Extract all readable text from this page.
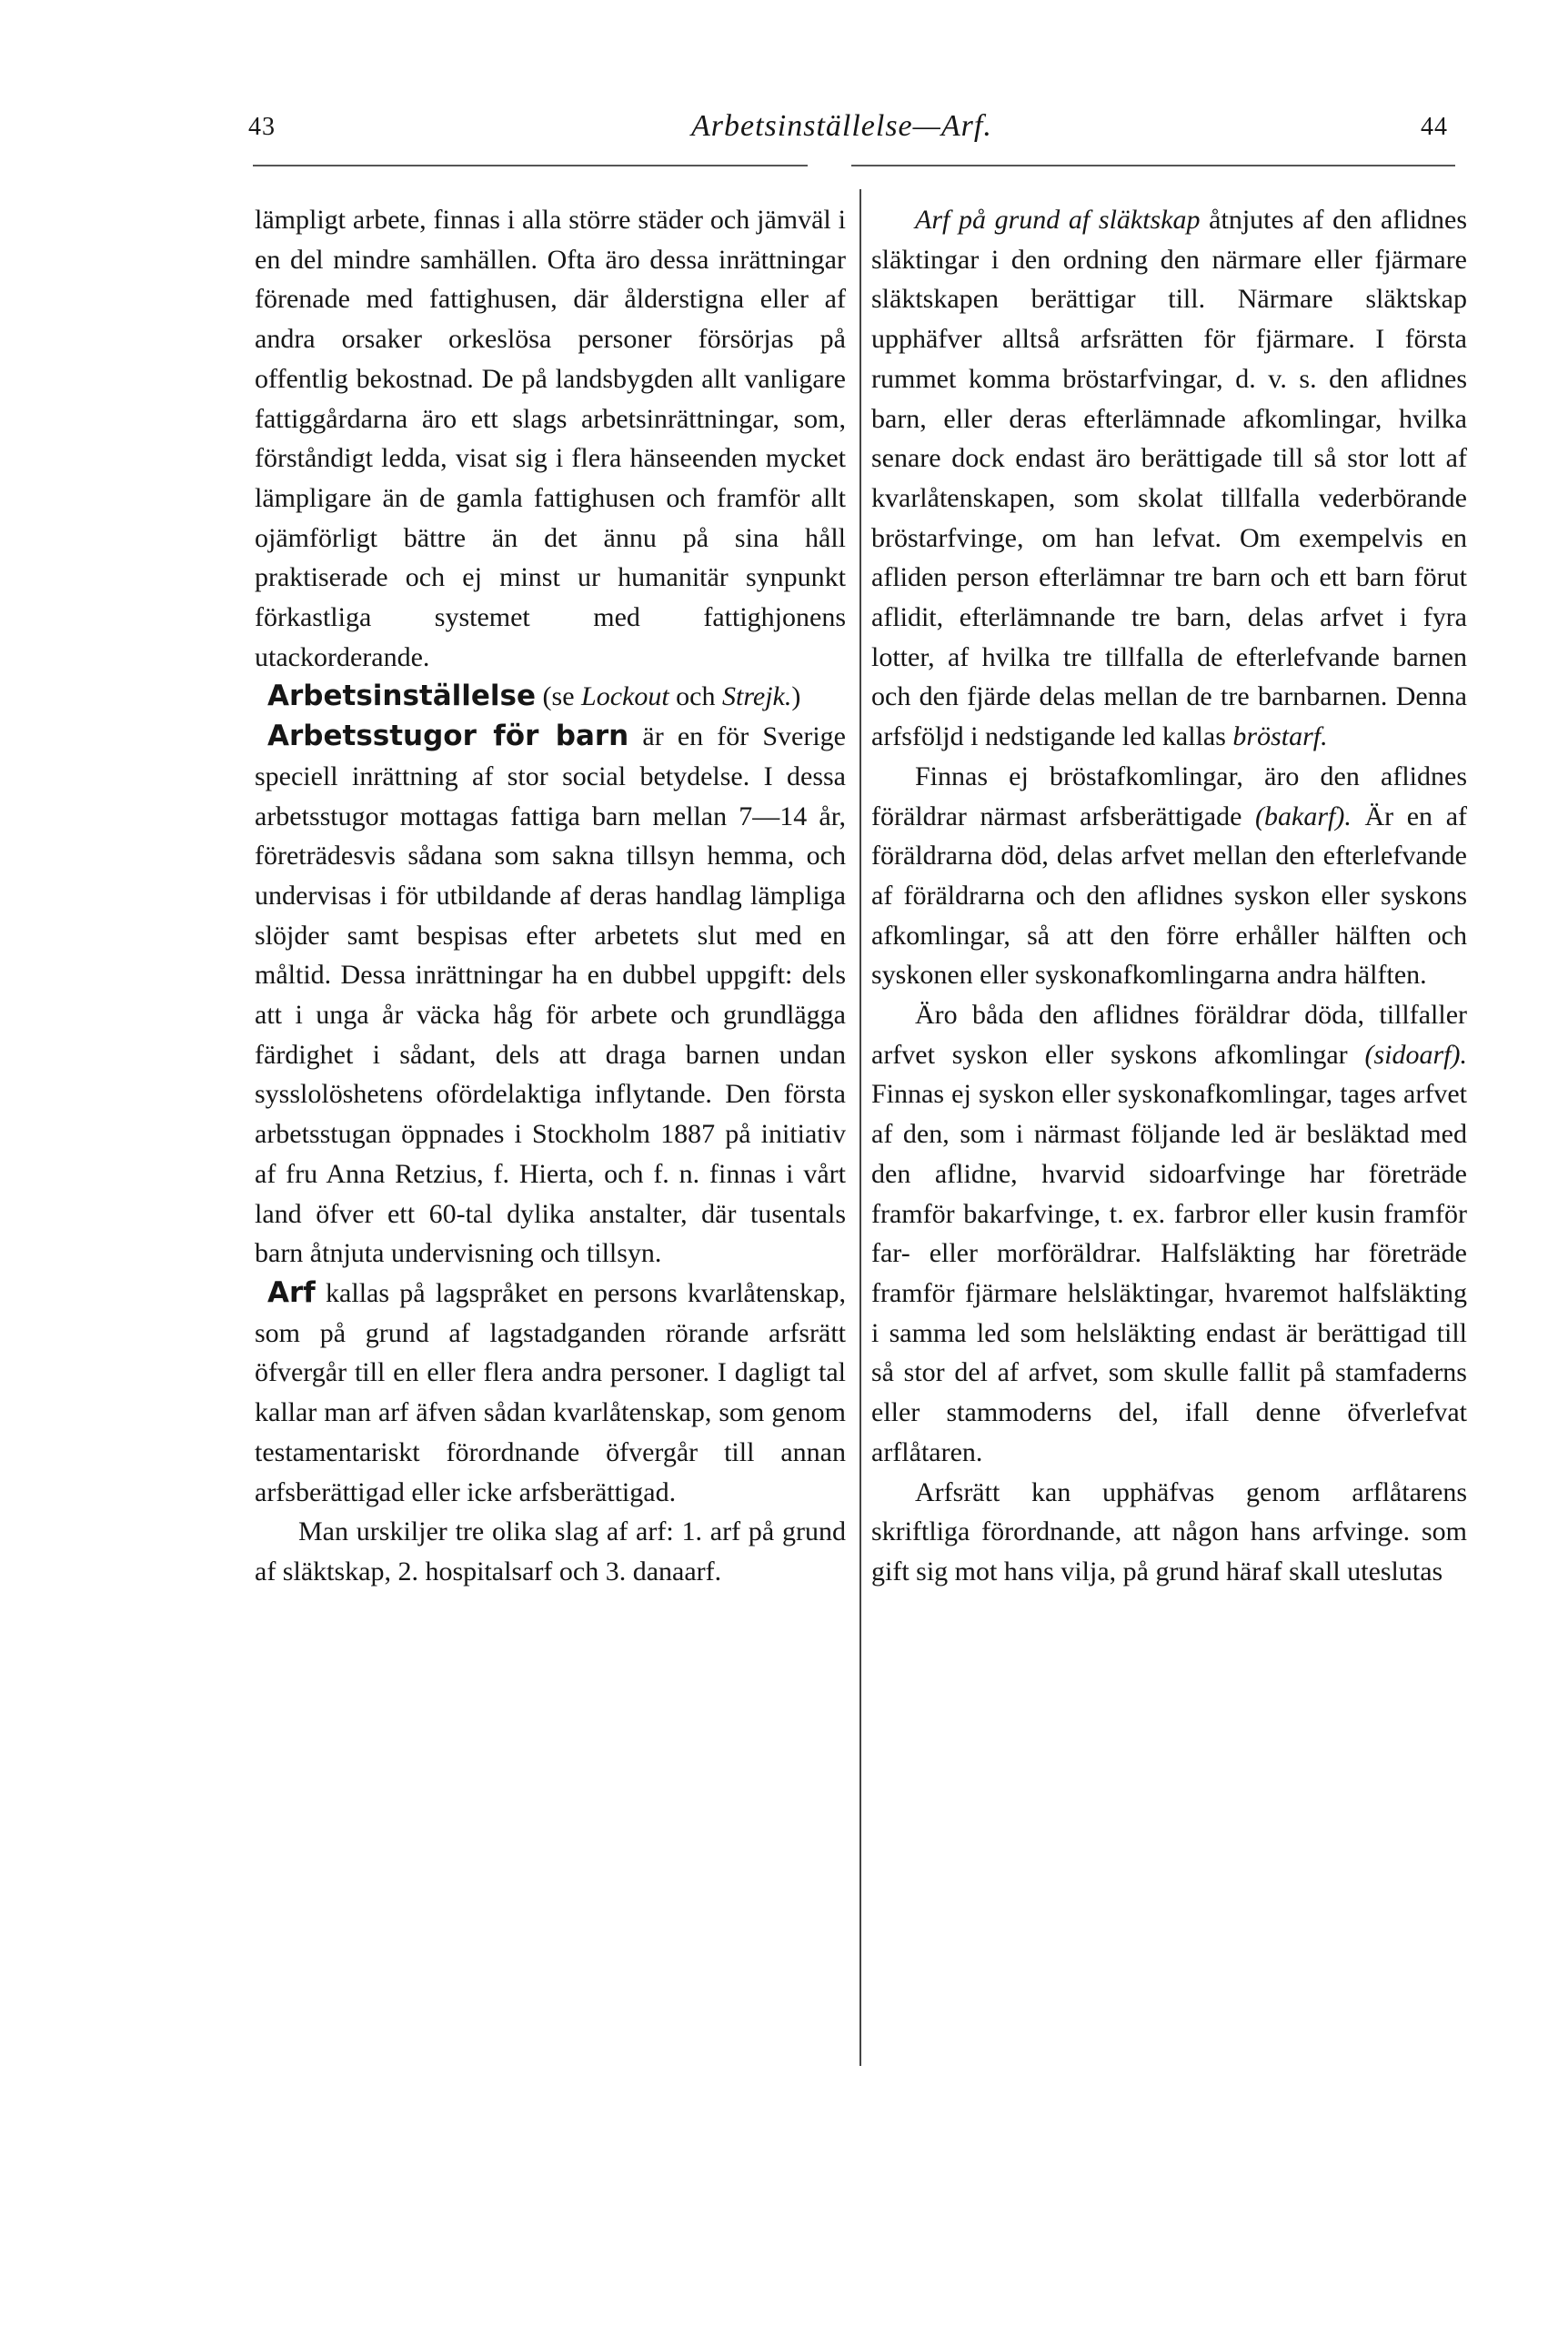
43	Arbetsinställelse—Arf.	44

lämpligt arbete, finnas i alla större städer och jämväl i en del mindre samhällen. Ofta äro dessa inrättningar förenade med fattighusen, där ålderstigna eller af andra orsaker orkeslösa personer försörjas på offentlig bekostnad. De på landsbygden allt vanligare fattiggårdarna äro ett slags arbetsinrättningar, som, förståndigt ledda, visat sig i flera hänseenden mycket lämpligare än de gamla fattighusen och framför allt ojämförligt bättre än det ännu på sina håll praktiserade och ej minst ur humanitär synpunkt förkastliga systemet med fattighjonens utackorderande.

Arbetsinställelse (se Lockout och Strejk.)

Arbetsstugor för barn är en för Sverige speciell inrättning af stor social betydelse. I dessa arbetsstugor mottagas fattiga barn mellan 7—14 år, företrädesvis sådana som sakna tillsyn hemma, och undervisas i för utbildande af deras handlag lämpliga slöjder samt bespisas efter arbetets slut med en måltid. Dessa inrättningar ha en dubbel uppgift: dels att i unga år väcka håg för arbete och grundlägga färdighet i sådant, dels att draga barnen undan sysslolöshetens ofördelaktiga inflytande. Den första arbetsstugan öppnades i Stockholm 1887 på initiativ af fru Anna Retzius, f. Hierta, och f. n. finnas i vårt land öfver ett 60-tal dylika anstalter, där tusentals barn åtnjuta undervisning och tillsyn.

Arf kallas på lagspråket en persons kvarlåtenskap, som på grund af lagstadganden rörande arfsrätt öfvergår till en eller flera andra personer. I dagligt tal kallar man arf äfven sådan kvarlåtenskap, som genom testamentariskt förordnande öfvergår till annan arfsberättigad eller icke arfsberättigad.

Man urskiljer tre olika slag af arf: 1. arf på grund af släktskap, 2. hospitalsarf och 3. danaarf.

Arf på grund af släktskap åtnjutes af den aflidnes släktingar i den ordning den närmare eller fjärmare släktskapen berättigar till. Närmare släktskap upphäfver alltså arfsrätten för fjärmare. I första rummet komma bröstarfvingar, d. v. s. den aflidnes barn, eller deras efterlämnade afkomlingar, hvilka senare dock endast äro berättigade till så stor lott af kvarlåtenskapen, som skolat tillfalla vederbörande bröstarfvinge, om han lefvat. Om exempelvis en afliden person efterlämnar tre barn och ett barn förut aflidit, efterlämnande tre barn, delas arfvet i fyra lotter, af hvilka tre tillfalla de efterlefvande barnen och den fjärde delas mellan de tre barnbarnen. Denna arfsföljd i nedstigande led kallas bröstarf.

Finnas ej bröstafkomlingar, äro den aflidnes föräldrar närmast arfsberättigade (bakarf). Är en af föräldrarna död, delas arfvet mellan den efterlefvande af föräldrarna och den aflidnes syskon eller syskons afkomlingar, så att den förre erhåller hälften och syskonen eller syskonafkomlingarna andra hälften.

Äro båda den aflidnes föräldrar döda, tillfaller arfvet syskon eller syskons afkomlingar (sidoarf). Finnas ej syskon eller syskonafkomlingar, tages arfvet af den, som i närmast följande led är besläktad med den aflidne, hvarvid sidoarfvinge har företräde framför bakarfvinge, t. ex. farbror eller kusin framför far- eller morföräldrar. Halfsläkting har företräde framför fjärmare helsläktingar, hvaremot halfsläkting i samma led som helsläkting endast är berättigad till så stor del af arfvet, som skulle fallit på stamfaderns eller stammoderns del, ifall denne öfverlefvat arflåtaren.

Arfsrätt kan upphäfvas genom arflåtarens skriftliga förordnande, att någon hans arfvinge. som gift sig mot hans vilja, på grund häraf skall uteslutas
